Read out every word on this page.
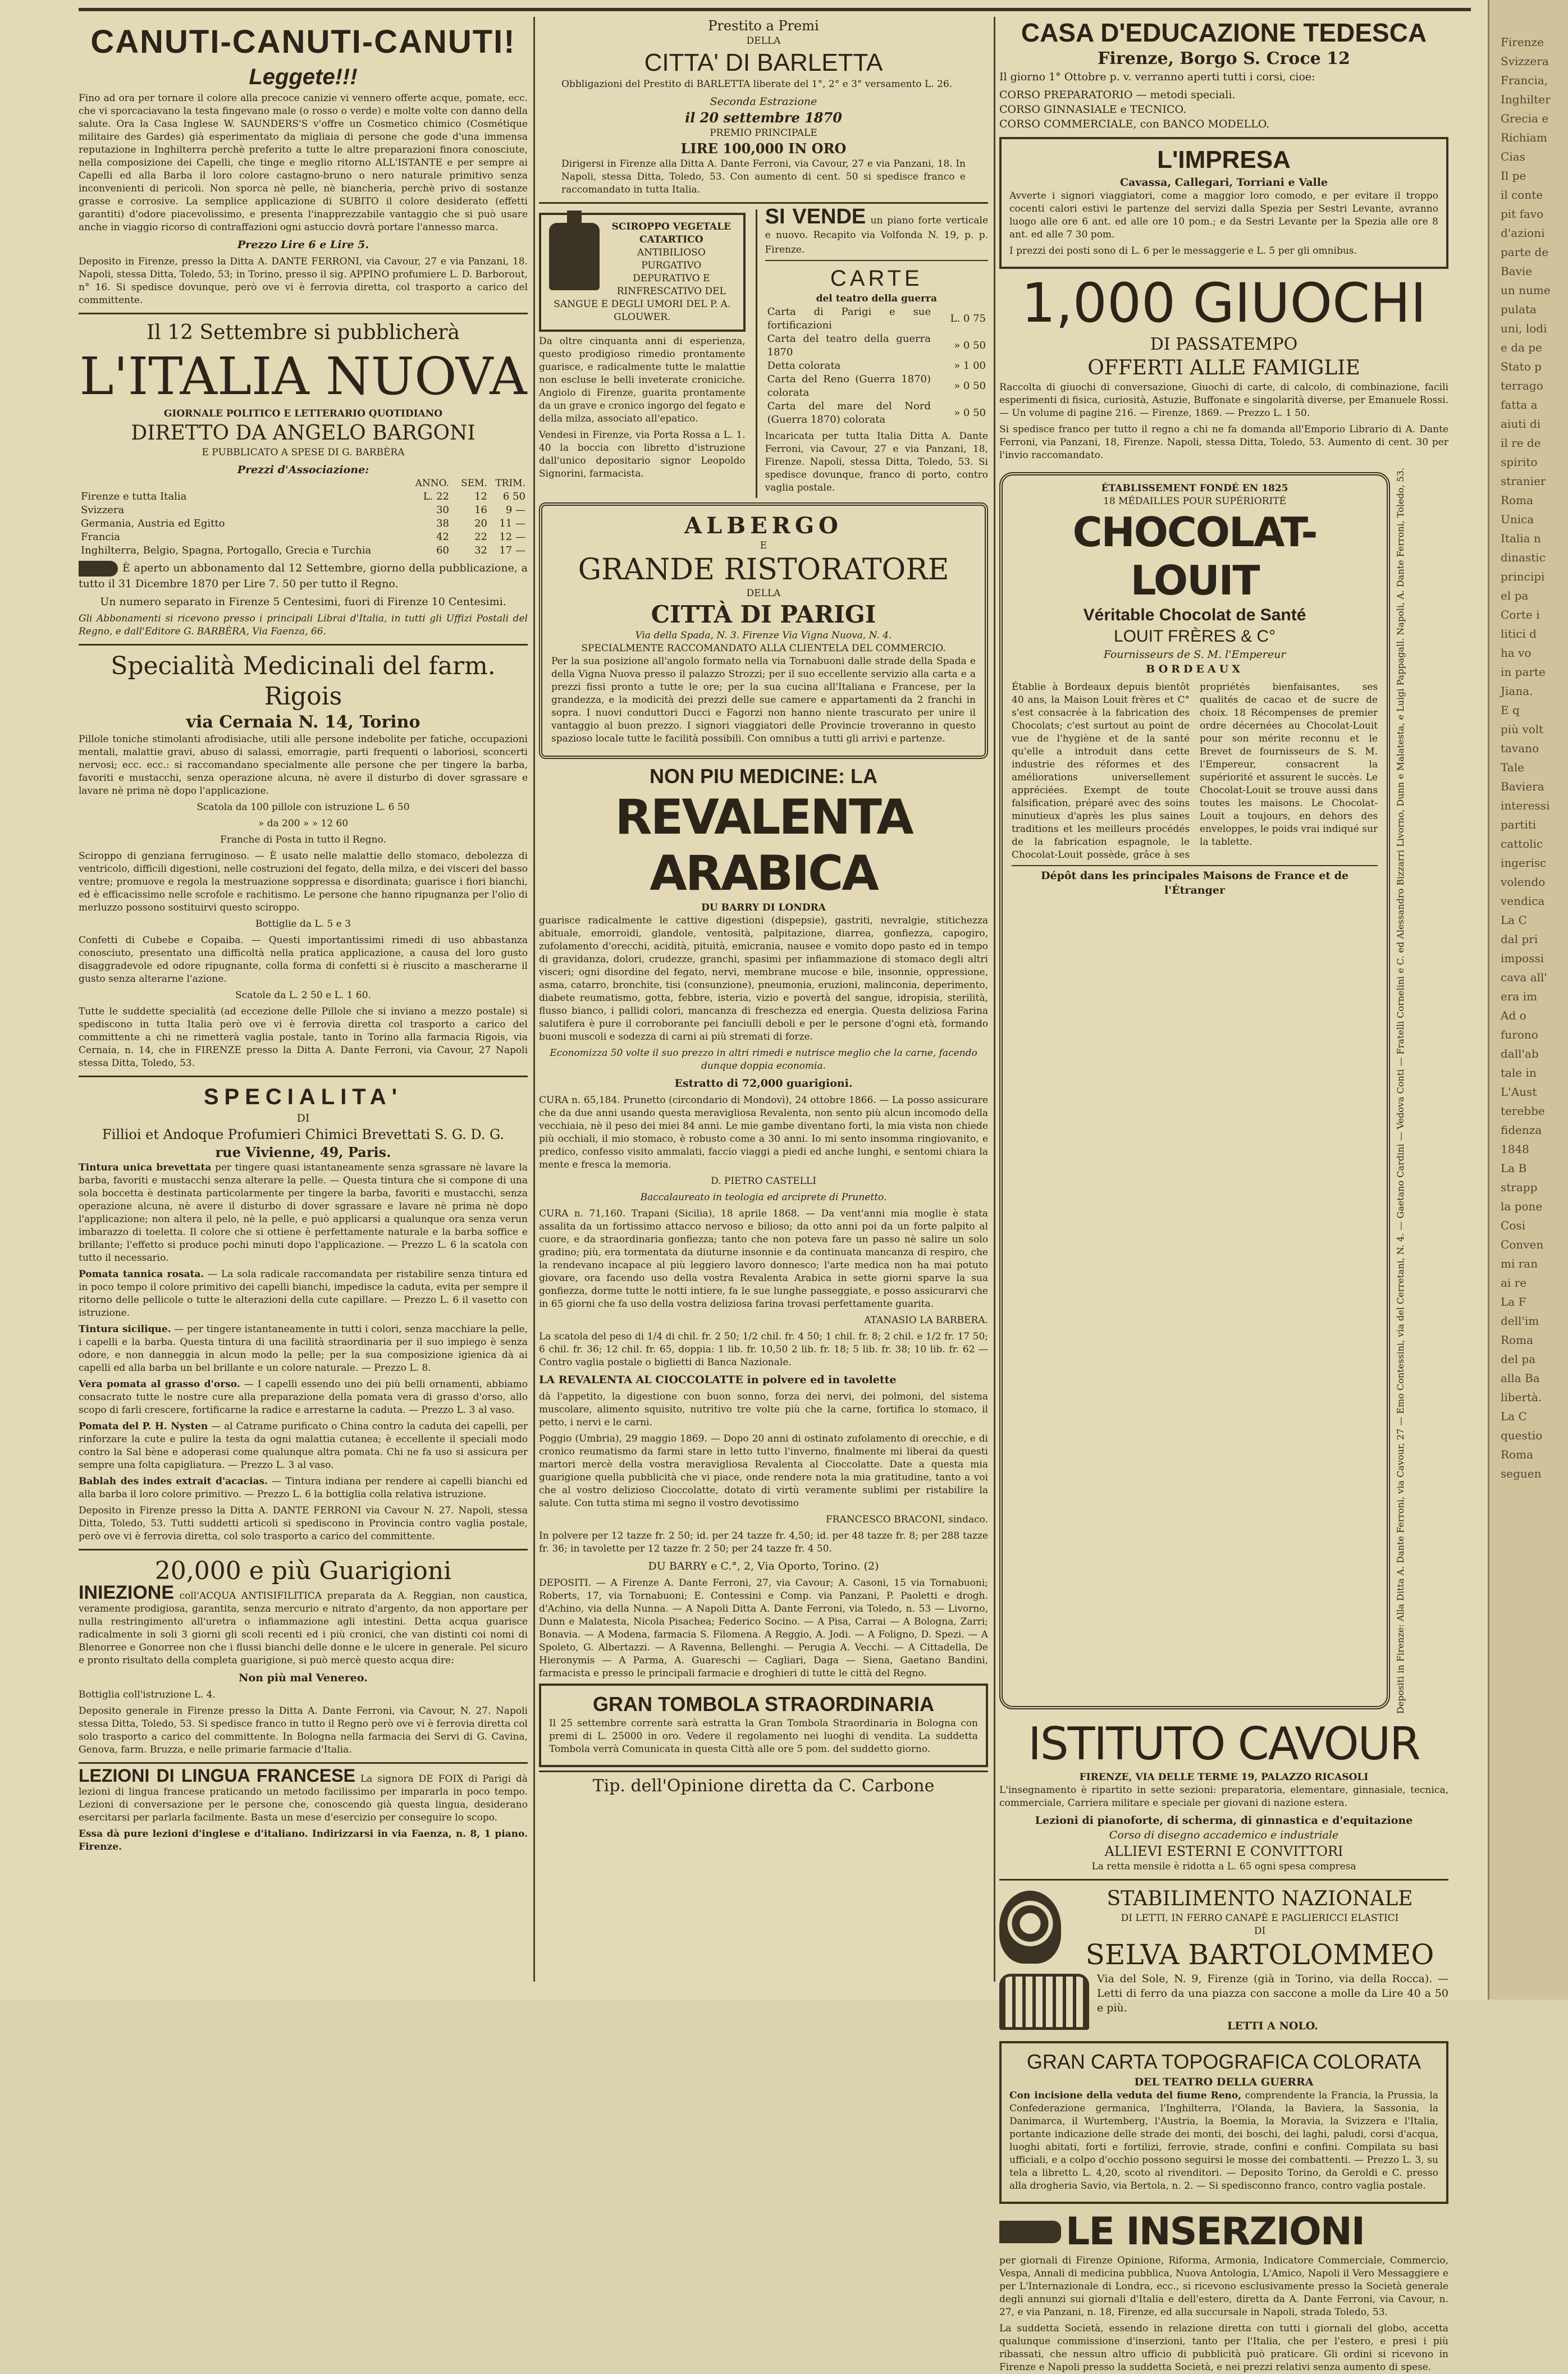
CANUTI-CANUTI-CANUTI!
Leggete!!!

Fino ad ora per tornare il colore alla precoce canizie vi vennero offerte acque, pomate, ecc. che vi sporcaciavano la testa fingevano male (o rosso o verde) e molte volte con danno della salute. Ora la Casa Inglese W. SAUNDERS'S v'offre un Cosmetico chimico (Cosmétique militaire des Gardes) già esperimentato da migliaia di persone che gode d'una immensa reputazione in Inghilterra perchè preferito a tutte le altre preparazioni finora conosciute, nella composizione dei Capelli, che tinge e meglio ritorno ALL'ISTANTE e per sempre ai Capelli ed alla Barba il loro colore castagno-bruno o nero naturale primitivo senza inconvenienti di pericoli. Non sporca nè pelle, nè biancheria, perchè privo di sostanze grasse e corrosive. La semplice applicazione di SUBITO il colore desiderato (effetti garantiti) d'odore piacevolissimo, e presenta l'inapprezzabile vantaggio che si può usare anche in viaggio ricorso di contraffazioni ogni astuccio dovrà portare l'annesso marca.

Prezzo Lire 6 e Lire 5.

Deposito in Firenze, presso la Ditta A. DANTE FERRONI, via Cavour, 27 e via Panzani, 18. Napoli, stessa Ditta, Toledo, 53; in Torino, presso il sig. APPINO profumiere L. D. Barborout, n° 16. Si spedisce dovunque, però ove vi è ferrovia diretta, col trasporto a carico del committente.

Il 12 Settembre si pubblicherà
L'ITALIA NUOVA
GIORNALE POLITICO E LETTERARIO QUOTIDIANO
DIRETTO DA ANGELO BARGONI
E PUBBLICATO A SPESE DI G. BARBÈRA
Prezzi d'Associazione:
	ANNO.	SEM.	TRIM.
Firenze e tutta Italia	L. 22	12	6 50
Svizzera	30	16	9 —
Germania, Austria ed Egitto	38	20	11 —
Francia	42	22	12 —
Inghilterra, Belgio, Spagna, Portogallo, Grecia e Turchia	60	32	17 —

È aperto un abbonamento dal 12 Settembre, giorno della pubblicazione, a tutto il 31 Dicembre 1870 per Lire 7. 50 per tutto il Regno.

Un numero separato in Firenze 5 Centesimi, fuori di Firenze 10 Centesimi.

Gli Abbonamenti si ricevono presso i principali Librai d'Italia, in tutti gli Uffizi Postali del Regno, e dall'Editore G. BARBÈRA, Via Faenza, 66.

Specialità Medicinali del farm. Rigois
via Cernaia N. 14, Torino

Pillole toniche stimolanti afrodisiache, utili alle persone indebolite per fatiche, occupazioni mentali, malattie gravi, abuso di salassi, emorragie, parti frequenti o laboriosi, sconcerti nervosi; ecc. ecc.: si raccomandano specialmente alle persone che per tingere la barba, favoriti e mustacchi, senza operazione alcuna, nè avere il disturbo di dover sgrassare e lavare nè prima nè dopo l'applicazione.

Scatola da 100 pillole con istruzione L. 6 50

» da 200 » » 12 60

Franche di Posta in tutto il Regno.

Sciroppo di genziana ferruginoso. — È usato nelle malattie dello stomaco, debolezza di ventricolo, difficili digestioni, nelle costruzioni del fegato, della milza, e dei visceri del basso ventre; promuove e regola la mestruazione soppressa e disordinata; guarisce i fiori bianchi, ed è efficacissimo nelle scrofole e rachitismo. Le persone che hanno ripugnanza per l'olio di merluzzo possono sostituirvi questo sciroppo.

Bottiglie da L. 5 e 3

Confetti di Cubebe e Copaiba. — Questi importantissimi rimedi di uso abbastanza conosciuto, presentato una difficoltà nella pratica applicazione, a causa del loro gusto disaggradevole ed odore ripugnante, colla forma di confetti si è riuscito a mascherarne il gusto senza alterarne l'azione.

Scatole da L. 2 50 e L. 1 60.

Tutte le suddette specialità (ad eccezione delle Pillole che si inviano a mezzo postale) si spediscono in tutta Italia però ove vi è ferrovia diretta col trasporto a carico del committente a chi ne rimetterà vaglia postale, tanto in Torino alla farmacia Rigois, via Cernaia, n. 14, che in FIRENZE presso la Ditta A. Dante Ferroni, via Cavour, 27 Napoli stessa Ditta, Toledo, 53.

SPECIALITA'
DI
Fillioi et Andoque Profumieri Chimici Brevettati S. G. D. G.
rue Vivienne, 49, Paris.

Tintura unica brevettata per tingere quasi istantaneamente senza sgrassare nè lavare la barba, favoriti e mustacchi senza alterare la pelle. — Questa tintura che si compone di una sola boccetta è destinata particolarmente per tingere la barba, favoriti e mustacchi, senza operazione alcuna, nè avere il disturbo di dover sgrassare e lavare nè prima nè dopo l'applicazione; non altera il pelo, nè la pelle, e può applicarsi a qualunque ora senza verun imbarazzo di toeletta. Il colore che si ottiene è perfettamente naturale e la barba soffice e brillante; l'effetto si produce pochi minuti dopo l'applicazione. — Prezzo L. 6 la scatola con tutto il necessario.

Pomata tannica rosata. — La sola radicale raccomandata per ristabilire senza tintura ed in poco tempo il colore primitivo dei capelli bianchi, impedisce la caduta, evita per sempre il ritorno delle pellicole o tutte le alterazioni della cute capillare. — Prezzo L. 6 il vasetto con istruzione.

Tintura sicilique. — per tingere istantaneamente in tutti i colori, senza macchiare la pelle, i capelli e la barba. Questa tintura di una facilità straordinaria per il suo impiego è senza odore, e non danneggia in alcun modo la pelle; per la sua composizione igienica dà ai capelli ed alla barba un bel brillante e un colore naturale. — Prezzo L. 8.

Vera pomata al grasso d'orso. — I capelli essendo uno dei più belli ornamenti, abbiamo consacrato tutte le nostre cure alla preparazione della pomata vera di grasso d'orso, allo scopo di farli crescere, fortificarne la radice e arrestarne la caduta. — Prezzo L. 3 al vaso.

Pomata del P. H. Nysten — al Catrame purificato o China contro la caduta dei capelli, per rinforzare la cute e pulire la testa da ogni malattia cutanea; è eccellente il speciali modo contro la Sal bène e adoperasi come qualunque altra pomata. Chi ne fa uso si assicura per sempre una folta capigliatura. — Prezzo L. 3 al vaso.

Bablah des indes extrait d'acacias. — Tintura indiana per rendere ai capelli bianchi ed alla barba il loro colore primitivo. — Prezzo L. 6 la bottiglia colla relativa istruzione.

Deposito in Firenze presso la Ditta A. DANTE FERRONI via Cavour N. 27. Napoli, stessa Ditta, Toledo, 53. Tutti suddetti articoli si spediscono in Provincia contro vaglia postale, però ove vi è ferrovia diretta, col solo trasporto a carico del committente.

20,000 e più Guarigioni

INIEZIONE coll'ACQUA ANTISIFILITICA preparata da A. Reggian, non caustica, veramente prodigiosa, garantita, senza mercurio e nitrato d'argento, da non apportare per nulla restringimento all'uretra o infiammazione agli intestini. Detta acqua guarisce radicalmente in soli 3 giorni gli scoli recenti ed i più cronici, che van distinti coi nomi di Blenorree e Gonorree non che i flussi bianchi delle donne e le ulcere in generale. Pel sicuro e pronto risultato della completa guarigione, si può mercè questo acqua dire:

Non più mal Venereo.

Bottiglia coll'istruzione L. 4.

Deposito generale in Firenze presso la Ditta A. Dante Ferroni, via Cavour, N. 27. Napoli stessa Ditta, Toledo, 53. Si spedisce franco in tutto il Regno però ove vi è ferrovia diretta col solo trasporto a carico del committente. In Bologna nella farmacia dei Servi di G. Cavina, Genova, farm. Bruzza, e nelle primarie farmacie d'Italia.

LEZIONI DI LINGUA FRANCESE La signora DE FOIX di Parigi dà lezioni di lingua francese praticando un metodo facilissimo per impararla in poco tempo. Lezioni di conversazione per le persone che, conoscendo già questa lingua, desiderano esercitarsi per parlarla facilmente. Basta un mese d'esercizio per conseguire lo scopo.

Essa dà pure lezioni d'inglese e d'italiano. Indirizzarsi in via Faenza, n. 8, 1 piano. Firenze.

Prestito a Premi
DELLA
CITTA' DI BARLETTA

Obbligazioni del Prestito di BARLETTA liberate del 1°, 2° e 3° versamento L. 26.

Seconda Estrazione
il 20 settembre 1870
PREMIO PRINCIPALE
LIRE 100,000 IN ORO

Dirigersi in Firenze alla Ditta A. Dante Ferroni, via Cavour, 27 e via Panzani, 18. In Napoli, stessa Ditta, Toledo, 53. Con aumento di cent. 50 si spedisce franco e raccomandato in tutta Italia.

SCIROPPO VEGETALE CATARTICO
ANTIBILIOSO PURGATIVO DEPURATIVO E RINFRESCATIVO DEL SANGUE E DEGLI UMORI DEL P. A. GLOUWER.

Da oltre cinquanta anni di esperienza, questo prodigioso rimedio prontamente guarisce, e radicalmente tutte le malattie non escluse le belli inveterate croniciche. Angiolo di Firenze, guarita prontamente da un grave e cronico ingorgo del fegato e della milza, associato all'epatico.

Vendesi in Firenze, via Porta Rossa a L. 1. 40 la boccia con libretto d'istruzione dall'unico depositario signor Leopoldo Signorini, farmacista.

SI VENDE un piano forte verticale e nuovo. Recapito via Volfonda N. 19, p. p. Firenze.

CARTE
del teatro della guerra
Carta di Parigi e sue fortificazioni	L. 0 75
Carta del teatro della guerra 1870	» 0 50
Detta colorata	» 1 00
Carta del Reno (Guerra 1870) colorata	» 0 50
Carta del mare del Nord (Guerra 1870) colorata	» 0 50

Incaricata per tutta Italia Ditta A. Dante Ferroni, via Cavour, 27 e via Panzani, 18, Firenze. Napoli, stessa Ditta, Toledo, 53. Si spedisce dovunque, franco di porto, contro vaglia postale.

ALBERGO
E
GRANDE RISTORATORE
DELLA
CITTÀ DI PARIGI
Via della Spada, N. 3. Firenze Via Vigna Nuova, N. 4.
SPECIALMENTE RACCOMANDATO ALLA CLIENTELA DEL COMMERCIO.

Per la sua posizione all'angolo formato nella via Tornabuoni dalle strade della Spada e della Vigna Nuova presso il palazzo Strozzi; per il suo eccellente servizio alla carta e a prezzi fissi pronto a tutte le ore; per la sua cucina all'Italiana e Francese, per la grandezza, e la modicità dei prezzi delle sue camere e appartamenti da 2 franchi in sopra. I nuovi conduttori Ducci e Fagorzi non hanno niente trascurato per unire il vantaggio al buon prezzo. I signori viaggiatori delle Provincie troveranno in questo spazioso locale tutte le facilità possibili. Con omnibus a tutti gli arrivi e partenze.

NON PIU MEDICINE: LA
REVALENTA ARABICA
DU BARRY DI LONDRA

guarisce radicalmente le cattive digestioni (dispepsie), gastriti, nevralgie, stitichezza abituale, emorroidi, glandole, ventosità, palpitazione, diarrea, gonfiezza, capogiro, zufolamento d'orecchi, acidità, pituità, emicrania, nausee e vomito dopo pasto ed in tempo di gravidanza, dolori, crudezze, granchi, spasimi per infiammazione di stomaco degli altri visceri; ogni disordine del fegato, nervi, membrane mucose e bile, insonnie, oppressione, asma, catarro, bronchite, tisi (consunzione), pneumonia, eruzioni, malinconia, deperimento, diabete reumatismo, gotta, febbre, isteria, vizio e povertà del sangue, idropisia, sterilità, flusso bianco, i pallidi colori, mancanza di freschezza ed energia. Questa deliziosa Farina salutifera è pure il corroborante pei fanciulli deboli e per le persone d'ogni età, formando buoni muscoli e sodezza di carni ai più stremati di forze.

Economizza 50 volte il suo prezzo in altri rimedi e nutrisce meglio che la carne, facendo dunque doppia economia.

Estratto di 72,000 guarigioni.

CURA n. 65,184. Prunetto (circondario di Mondovì), 24 ottobre 1866. — La posso assicurare che da due anni usando questa meravigliosa Revalenta, non sento più alcun incomodo della vecchiaia, nè il peso dei miei 84 anni. Le mie gambe diventano forti, la mia vista non chiede più occhiali, il mio stomaco, è robusto come a 30 anni. Io mi sento insomma ringiovanito, e predico, confesso visito ammalati, faccio viaggi a piedi ed anche lunghi, e sentomi chiara la mente e fresca la memoria.

D. PIETRO CASTELLI

Baccalaureato in teologia ed arciprete di Prunetto.

CURA n. 71,160. Trapani (Sicilia), 18 aprile 1868. — Da vent'anni mia moglie è stata assalita da un fortissimo attacco nervoso e bilioso; da otto anni poi da un forte palpito al cuore, e da straordinaria gonfiezza; tanto che non poteva fare un passo nè salire un solo gradino; più, era tormentata da diuturne insonnie e da continuata mancanza di respiro, che la rendevano incapace al più leggiero lavoro donnesco; l'arte medica non ha mai potuto giovare, ora facendo uso della vostra Revalenta Arabica in sette giorni sparve la sua gonfiezza, dorme tutte le notti intiere, fa le sue lunghe passeggiate, e posso assicurarvi che in 65 giorni che fa uso della vostra deliziosa farina trovasi perfettamente guarita.

ATANASIO LA BARBERA.

La scatola del peso di 1/4 di chil. fr. 2 50; 1/2 chil. fr. 4 50; 1 chil. fr. 8; 2 chil. e 1/2 fr. 17 50; 6 chil. fr. 36; 12 chil. fr. 65, doppia: 1 lib. fr. 10,50 2 lib. fr. 18; 5 lib. fr. 38; 10 lib. fr. 62 — Contro vaglia postale o biglietti di Banca Nazionale.

LA REVALENTA AL CIOCCOLATTE in polvere ed in tavolette

dà l'appetito, la digestione con buon sonno, forza dei nervi, dei polmoni, del sistema muscolare, alimento squisito, nutritivo tre volte più che la carne, fortifica lo stomaco, il petto, i nervi e le carni.

Poggio (Umbria), 29 maggio 1869. — Dopo 20 anni di ostinato zufolamento di orecchie, e di cronico reumatismo da farmi stare in letto tutto l'inverno, finalmente mi liberai da questi martori mercè della vostra meravigliosa Revalenta al Cioccolatte. Date a questa mia guarigione quella pubblicità che vi piace, onde rendere nota la mia gratitudine, tanto a voi che al vostro delizioso Cioccolatte, dotato di virtù veramente sublimi per ristabilire la salute. Con tutta stima mi segno il vostro devotissimo

FRANCESCO BRACONI, sindaco.

In polvere per 12 tazze fr. 2 50; id. per 24 tazze fr. 4,50; id. per 48 tazze fr. 8; per 288 tazze fr. 36; in tavolette per 12 tazze fr. 2 50; per 24 tazze fr. 4 50.

DU BARRY e C.°, 2, Via Oporto, Torino. (2)

DEPOSITI. — A Firenze A. Dante Ferroni, 27, via Cavour; A. Casoni, 15 via Tornabuoni; Roberts, 17, via Tornabuoni; E. Contessini e Comp. via Panzani, P. Paoletti e drogh. d'Achino, via della Nunna. — A Napoli Ditta A. Dante Ferroni, via Toledo, n. 53 — Livorno, Dunn e Malatesta, Nicola Pisachea; Federico Socino. — A Pisa, Carrai — A Bologna, Zarri; Bonavia. — A Modena, farmacia S. Filomena. A Reggio, A. Jodi. — A Foligno, D. Spezi. — A Spoleto, G. Albertazzi. — A Ravenna, Bellenghi. — Perugia A. Vecchi. — A Cittadella, De Hieronymis — A Parma, A. Guareschi — Cagliari, Daga — Siena, Gaetano Bandini, farmacista e presso le principali farmacie e droghieri di tutte le città del Regno.

GRAN TOMBOLA STRAORDINARIA

Il 25 settembre corrente sarà estratta la Gran Tombola Straordinaria in Bologna con premi di L. 25000 in oro. Vedere il regolamento nei luoghi di vendita. La suddetta Tombola verrà Comunicata in questa Città alle ore 5 pom. del suddetto giorno.

Tip. dell'Opinione diretta da C. Carbone
CASA D'EDUCAZIONE TEDESCA
Firenze, Borgo S. Croce 12

Il giorno 1° Ottobre p. v. verranno aperti tutti i corsi, cioe:

CORSO PREPARATORIO — metodi speciali.
CORSO GINNASIALE e TECNICO.
CORSO COMMERCIALE, con BANCO MODELLO.
L'IMPRESA
Cavassa, Callegari, Torriani e Valle

Avverte i signori viaggiatori, come a maggior loro comodo, e per evitare il troppo cocenti calori estivi le partenze del servizi dalla Spezia per Sestri Levante, avranno luogo alle ore 6 ant. ed alle ore 10 pom.; e da Sestri Levante per la Spezia alle ore 8 ant. ed alle 7 30 pom.

I prezzi dei posti sono di L. 6 per le messaggerie e L. 5 per gli omnibus.

1,000 GIUOCHI
DI PASSATEMPO
OFFERTI ALLE FAMIGLIE

Raccolta di giuochi di conversazione, Giuochi di carte, di calcolo, di combinazione, facili esperimenti di fisica, curiosità, Astuzie, Buffonate e singolarità diverse, per Emanuele Rossi. — Un volume di pagine 216. — Firenze, 1869. — Prezzo L. 1 50.

Si spedisce franco per tutto il regno a chi ne fa domanda all'Emporio Librario di A. Dante Ferroni, via Panzani, 18, Firenze. Napoli, stessa Ditta, Toledo, 53. Aumento di cent. 30 per l'invio raccomandato.

ÉTABLISSEMENT FONDÉ EN 1825
18 MÉDAILLES POUR SUPÉRIORITÉ
CHOCOLAT-LOUIT
Véritable Chocolat de Santé
LOUIT FRÈRES & C°
Fournisseurs de S. M. l'Empereur
BORDEAUX

Établie à Bordeaux depuis bientôt 40 ans, la Maison Louit frères et C° s'est consacrée à la fabrication des Chocolats; c'est surtout au point de vue de l'hygiène et de la santé qu'elle a introduit dans cette industrie des réformes et des améliorations universellement appréciées. Exempt de toute falsification, préparé avec des soins minutieux d'après les plus saines traditions et les meilleurs procédés de la fabrication espagnole, le Chocolat-Louit possède, grâce à ses propriétés bienfaisantes, ses qualités de cacao et de sucre de choix. 18 Récompenses de premier ordre décernées au Chocolat-Louit pour son mérite reconnu et le Brevet de fournisseurs de S. M. l'Empereur, consacrent la supériorité et assurent le succès. Le Chocolat-Louit se trouve aussi dans toutes les maisons. Le Chocolat-Louit a toujours, en dehors des enveloppes, le poids vrai indiqué sur la tablette.

Dépôt dans les principales Maisons de France et de l'Étranger	Depositi in Firenze: Alla Ditta A. Dante Ferroni, via Cavour, 27 — Emo Contessini, via del Cerretani, N. 4. — Gaetano Cardini — Vedova Conti — Fratelli Cornelini e C. ed Alessandro Bizzarri Livorno, Dunn e Malatesta, e Luigi Pappagall. Napoli, A. Dante Ferroni, Toledo, 53.
ISTITUTO CAVOUR
FIRENZE, VIA DELLE TERME 19, PALAZZO RICASOLI

L'insegnamento è ripartito in sette sezioni: preparatoria, elementare, ginnasiale, tecnica, commerciale, Carriera militare e speciale per giovani di nazione estera.

Lezioni di pianoforte, di scherma, di ginnastica e d'equitazione
Corso di disegno accademico e industriale
ALLIEVI ESTERNI E CONVITTORI
La retta mensile è ridotta a L. 65 ogni spesa compresa
STABILIMENTO NAZIONALE
DI LETTI, IN FERRO CANAPÈ E PAGLIERICCI ELASTICI
DI
SELVA BARTOLOMMEO

Via del Sole, N. 9, Firenze (già in Torino, via della Rocca). — Letti di ferro da una piazza con saccone a molle da Lire 40 a 50 e più.

LETTI A NOLO.

GRAN CARTA TOPOGRAFICA COLORATA
DEL TEATRO DELLA GUERRA

Con incisione della veduta del fiume Reno, comprendente la Francia, la Prussia, la Confederazione germanica, l'Inghilterra, l'Olanda, la Baviera, la Sassonia, la Danimarca, il Wurtemberg, l'Austria, la Boemia, la Moravia, la Svizzera e l'Italia, portante indicazione delle strade dei monti, dei boschi, dei laghi, paludi, corsi d'acqua, luoghi abitati, forti e fortilizi, ferrovie, strade, confini e confini. Compilata su basi ufficiali, e a colpo d'occhio possono seguirsi le mosse dei combattenti. — Prezzo L. 3, su tela a libretto L. 4,20, scoto al rivenditori. — Deposito Torino, da Geroldi e C. presso alla drogheria Savio, via Bertola, n. 2. — Si spedisconno franco, contro vaglia postale.

LE INSERZIONI

per giornali di Firenze Opinione, Riforma, Armonia, Indicatore Commerciale, Commercio, Vespa, Annali di medicina pubblica, Nuova Antologia, L'Amico, Napoli il Vero Messaggiere e per L'Internazionale di Londra, ecc., si ricevono esclusivamente presso la Società generale degli annunzi sui giornali d'Italia e dell'estero, diretta da A. Dante Ferroni, via Cavour, n. 27, e via Panzani, n. 18, Firenze, ed alla succursale in Napoli, strada Toledo, 53.

La suddetta Società, essendo in relazione diretta con tutti i giornali del globo, accetta qualunque commissione d'inserzioni, tanto per l'Italia, che per l'estero, e presi i più ribassati, che nessun altro ufficio di pubblicità può praticare. Gli ordini si ricevono in Firenze e Napoli presso la suddetta Società, e nei prezzi relativi senza aumento di spese.

Firenze
Svizzera
Francia,
Inghilter
Grecia e
Richiam
Cias
Il pe
il conte
pit favo
d'azioni
parte de
Bavie
un nume
pulata
uni, lodi
e da pe
Stato p
terrago
fatta a
aiuti di
il re de
spirito
stranier
Roma
Unica
Italia n
dinastic
principi
el pa
Corte i
litici d
ha vo
in parte
Jiana.
E q
più volt
tavano
Tale
Baviera
interessi
partiti
cattolic
ingerisc
volendo
vendica
La C
dal pri
impossi
cava all'
era im
Ad o
furono
dall'ab
tale in
L'Aust
terebbe
fidenza
1848
La B
strapp
la pone
Cosi
Conven
mi ran
ai re
La F
dell'im
Roma
del pa
alla Ba
libertà.
La C
questio
Roma
seguen
